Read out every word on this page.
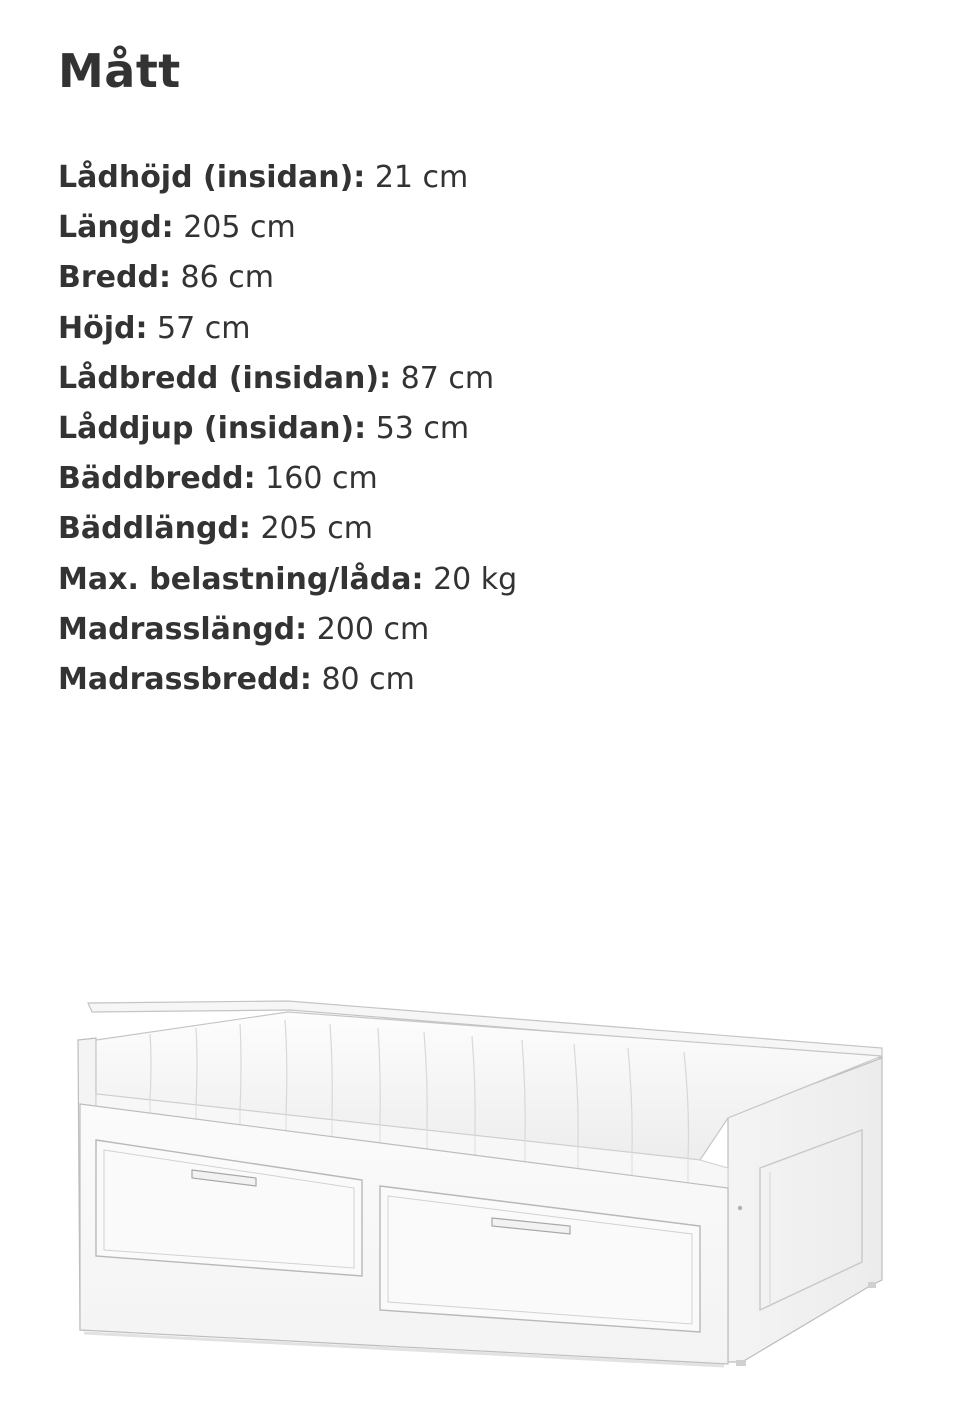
Mått
Lådhöjd (insidan): 21 cm
Längd: 205 cm
Bredd: 86 cm
Höjd: 57 cm
Lådbredd (insidan): 87 cm
Låddjup (insidan): 53 cm
Bäddbredd: 160 cm
Bäddlängd: 205 cm
Max. belastning/låda: 20 kg
Madrasslängd: 200 cm
Madrassbredd: 80 cm
